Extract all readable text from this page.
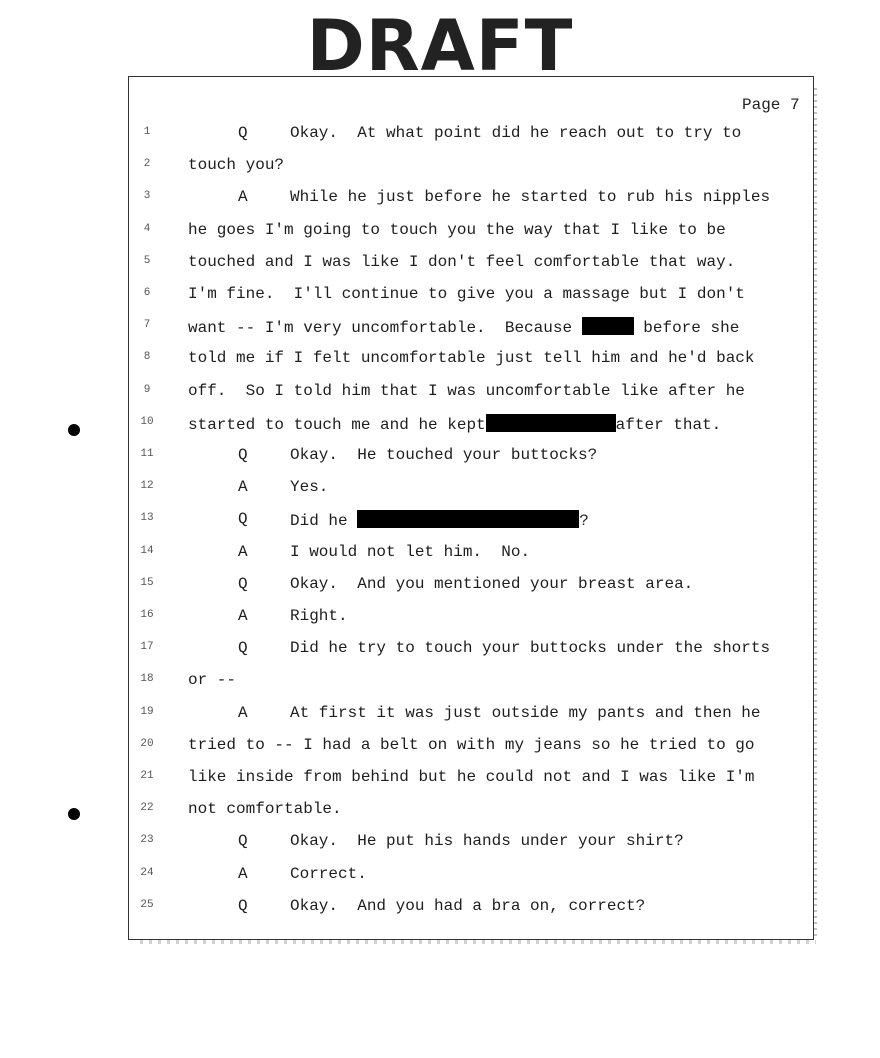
DRAFT
Page 7
1	Q	Okay.  At what point did he reach out to try to
2	touch you?
3	A	While he just before he started to rub his nipples
4	he goes I'm going to touch you the way that I like to be
5	touched and I was like I don't feel comfortable that way.
6	I'm fine.  I'll continue to give you a massage but I don't
7	want -- I'm very uncomfortable.  Because	before she
8	told me if I felt uncomfortable just tell him and he'd back
9	off.  So I told him that I was uncomfortable like after he
10	started to touch me and he kept	after that.
11	Q	Okay.  He touched your buttocks?
12	A	Yes.
13	Q	Did he	?
14	A	I would not let him.  No.
15	Q	Okay.  And you mentioned your breast area.
16	A	Right.
17	Q	Did he try to touch your buttocks under the shorts
18	or --
19	A	At first it was just outside my pants and then he
20	tried to -- I had a belt on with my jeans so he tried to go
21	like inside from behind but he could not and I was like I'm
22	not comfortable.
23	Q	Okay.  He put his hands under your shirt?
24	A	Correct.
25	Q	Okay.  And you had a bra on, correct?
